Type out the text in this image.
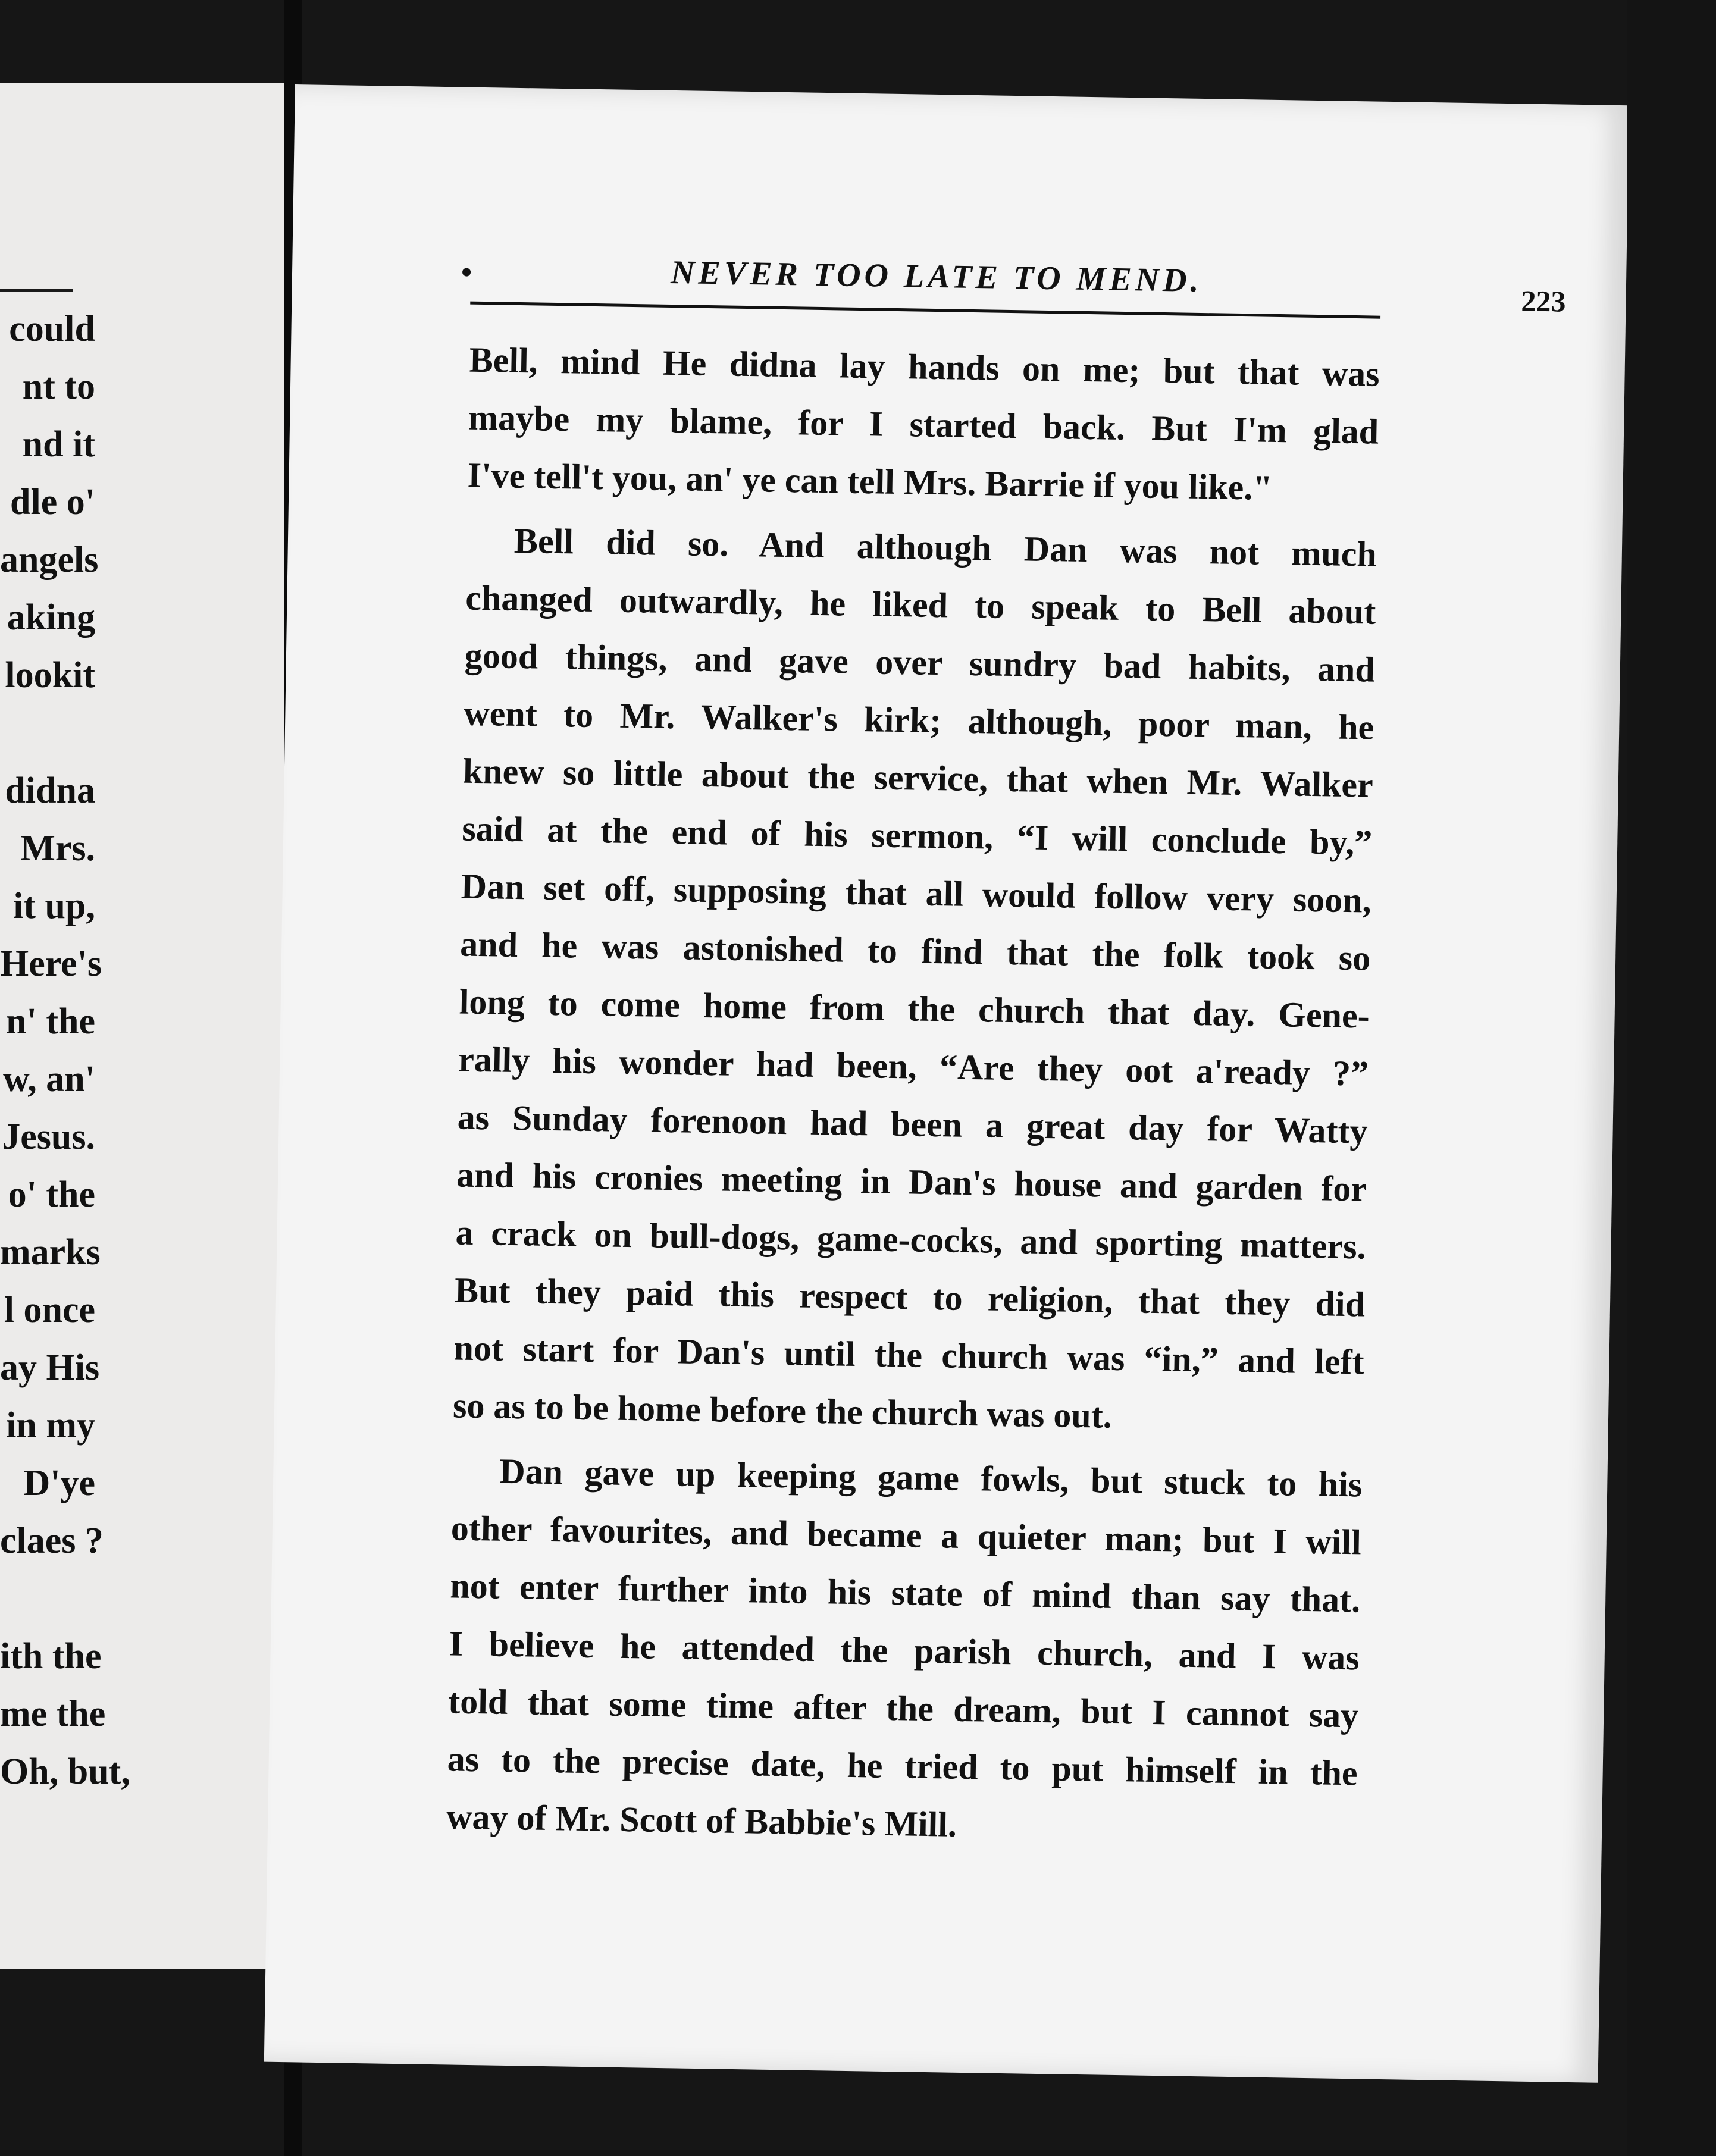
could
nt to
nd it
dle o'
angels
aking
lookit
didna
Mrs.
it up,
Here's
n' the
w, an'
Jesus.
o' the
marks
l once
ay His
in my
D'ye
claes ?
ith the
me the
Oh, but,
NEVER TOO LATE TO MEND.
223
Bell, mind He didna lay hands on me; but that was
maybe my blame, for I started back. But I'm glad
I've tell't you, an' ye can tell Mrs. Barrie if you like."
Bell did so. And although Dan was not much
changed outwardly, he liked to speak to Bell about
good things, and gave over sundry bad habits, and
went to Mr. Walker's kirk; although, poor man, he
knew so little about the service, that when Mr. Walker
said at the end of his sermon, “I will conclude by,”
Dan set off, supposing that all would follow very soon,
and he was astonished to find that the folk took so
long to come home from the church that day. Gene-
rally his wonder had been, “Are they oot a'ready ?”
as Sunday forenoon had been a great day for Watty
and his cronies meeting in Dan's house and garden for
a crack on bull-dogs, game-cocks, and sporting matters.
But they paid this respect to religion, that they did
not start for Dan's until the church was “in,” and left
so as to be home before the church was out.
Dan gave up keeping game fowls, but stuck to his
other favourites, and became a quieter man; but I will
not enter further into his state of mind than say that.
I believe he attended the parish church, and I was
told that some time after the dream, but I cannot say
as to the precise date, he tried to put himself in the
way of Mr. Scott of Babbie's Mill.
